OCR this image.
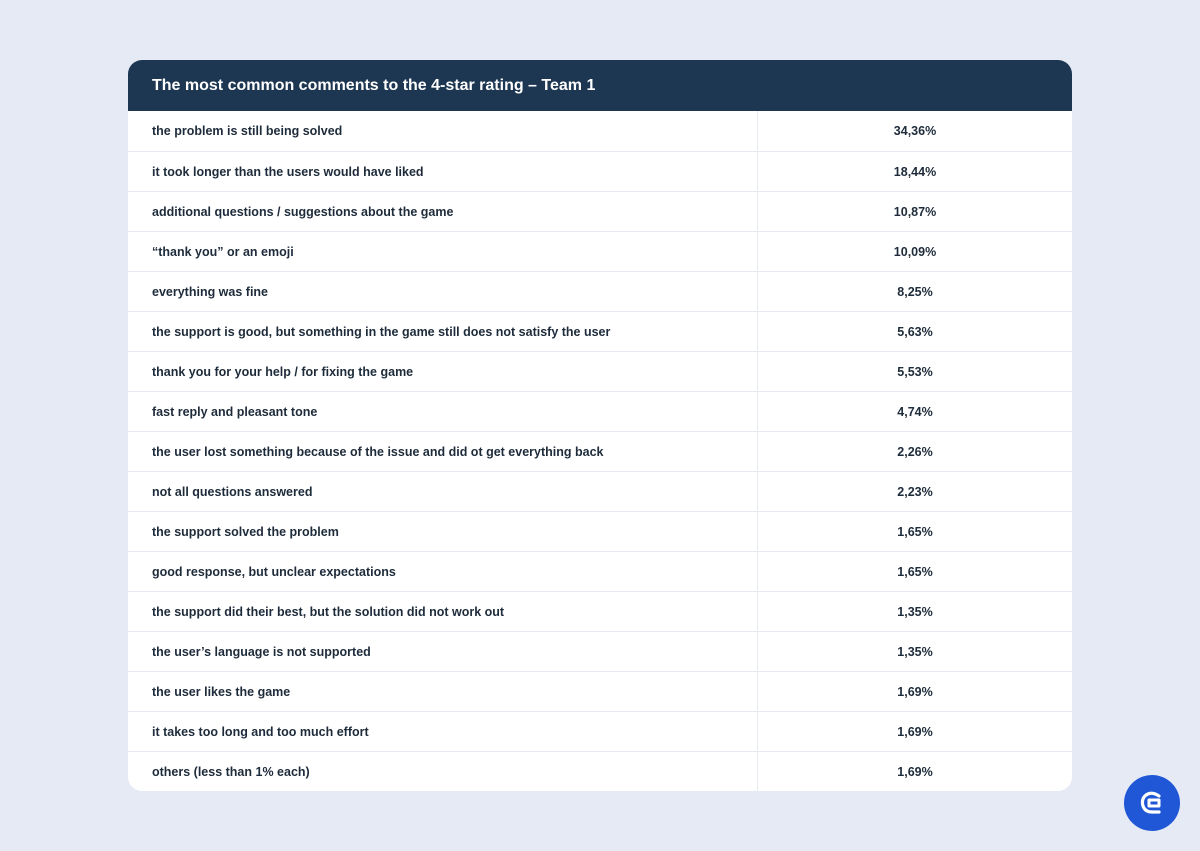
The most common comments to the 4-star rating – Team 1
the problem is still being solved	34,36%
it took longer than the users would have liked	18,44%
additional questions / suggestions about the game	10,87%
“thank you” or an emoji	10,09%
everything was fine	8,25%
the support is good, but something in the game still does not satisfy the user	5,63%
thank you for your help / for fixing the game	5,53%
fast reply and pleasant tone	4,74%
the user lost something because of the issue and did ot get everything back	2,26%
not all questions answered	2,23%
the support solved the problem	1,65%
good response, but unclear expectations	1,65%
the support did their best, but the solution did not work out	1,35%
the user’s language is not supported	1,35%
the user likes the game	1,69%
it takes too long and too much effort	1,69%
others (less than 1% each)	1,69%
